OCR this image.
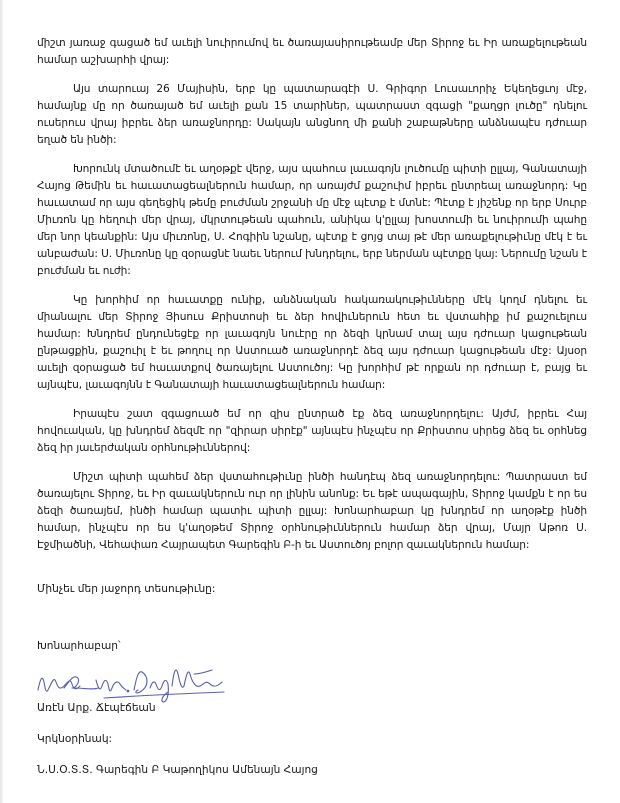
միշտ յառաջ գացած եմ աւելի նուիրումով եւ ծառայասիրութեամբ մեր Տիրոջ եւ Իր առաքելութեան համար աշխարհի վրայ:

Այս տարուայ 26 Մայիսին, երբ կը պատարագէի Ս. Գրիգոր Լուսաւորիչ Եկեղեցւոյ մէջ, համայնք մը որ ծառայած եմ աւելի քան 15 տարիներ, պատրաստ զգացի "քաղցր լուծը" դնելու ուսերուս վրայ իբրեւ ձեր առաջնորդը: Սակայն անցնող մի քանի շաբաթները անձնապէս դժուար եղած են ինծի:

Խորունկ մտածումէ եւ աղօթքէ վերջ, այս պահուս լաւագոյն լուծումը պիտի ըլլայ, Գանատայի Հայոց Թեմին եւ հաւատացեալներուն համար, որ առայժմ քաշուիմ իբրեւ ընտրեալ առաջնորդ: Կը հաւատամ որ այս գեղեցիկ թեմը բուժման շրջանի մը մէջ պէտք է մտնէ: Պէտք է յիշենք որ երբ Սուրբ Միւռոն կը հեղուի մեր վրայ, մկրտութեան պահուն, անիկա կ'ըլլայ խոստումի եւ նուիրումի պահը մեր նոր կեանքին: Այս միւռոնը, Ս. Հոգիին նշանը, պէտք է ցոյց տայ թէ մեր առաքելութիւնը մէկ է եւ անբաժան: Ս. Միւռոնը կը զօրացնէ նաեւ ներում խնդրելու, երբ ներման պէտքը կայ: Ներումը նշան է բուժման եւ ուժի:

Կը խորհիմ որ հաւատքը ունիք, անձնական հակառակութիւնները մէկ կողմ դնելու եւ միանալու մեր Տիրոջ Յիսուս Քրիստոսի եւ ձեր հովիւներուն հետ եւ վստահիք իմ քաշուելուս համար: Խնդրեմ ընդունեցէք որ լաւագոյն նուէրը որ ձեզի կրնամ տալ այս դժուար կացութեան ընթացքին, քաշուիլ է եւ թողուլ որ Աստուած առաջնորդէ ձեզ այս դժուար կացութեան մէջ: Այսօր աւելի զօրացած եմ հաւատքով ծառայելու Աստուծոյ: Կը խորհիմ թէ որքան որ դժուար է, բայց եւ այնպէս, լաւագոյնն է Գանատայի հաւատացեալներուն համար:

Իրապէս շատ զգացուած եմ որ զիս ընտրած էք ձեզ առաջնորդելու: Այժմ, իբրեւ Հայ հովուական, կը խնդրեմ ձեզմէ որ "զիրար սիրէք" այնպէս ինչպէս որ Քրիստոս սիրեց ձեզ եւ օրհնեց ձեզ իր յաւերժական օրհնութիւններով:

Միշտ պիտի պահեմ ձեր վստահութիւնը ինծի հանդէպ ձեզ առաջնորդելու: Պատրաստ եմ ծառայելու Տիրոջ, եւ Իր զաւակներուն ուր որ լինին անոնք: Եւ եթէ ապագային, Տիրոջ կամքն է որ ես ձեզի ծառայեմ, ինծի համար պատիւ պիտի ըլլայ: Խոնարհաբար կը խնդրեմ որ աղօթէք ինծի համար, ինչպէս որ ես կ'աղօթեմ Տիրոջ օրհնութիւններուն համար ձեր վրայ, Մայր Աթոռ Ս. Էջմիածնի, Վեհափառ Հայրապետ Գարեգին Բ-ի եւ Աստուծոյ բոլոր զաւակներուն համար:

Մինչեւ մեր յաջորդ տեսութիւնը:
Խոնարհաբար՝
Առէն Արք. Ճէպէճեան
Կրկնօրինակ:
Ն.Ս.Օ.Տ.Տ. Գարեգին Բ Կաթողիկոս Ամենայն Հայոց
